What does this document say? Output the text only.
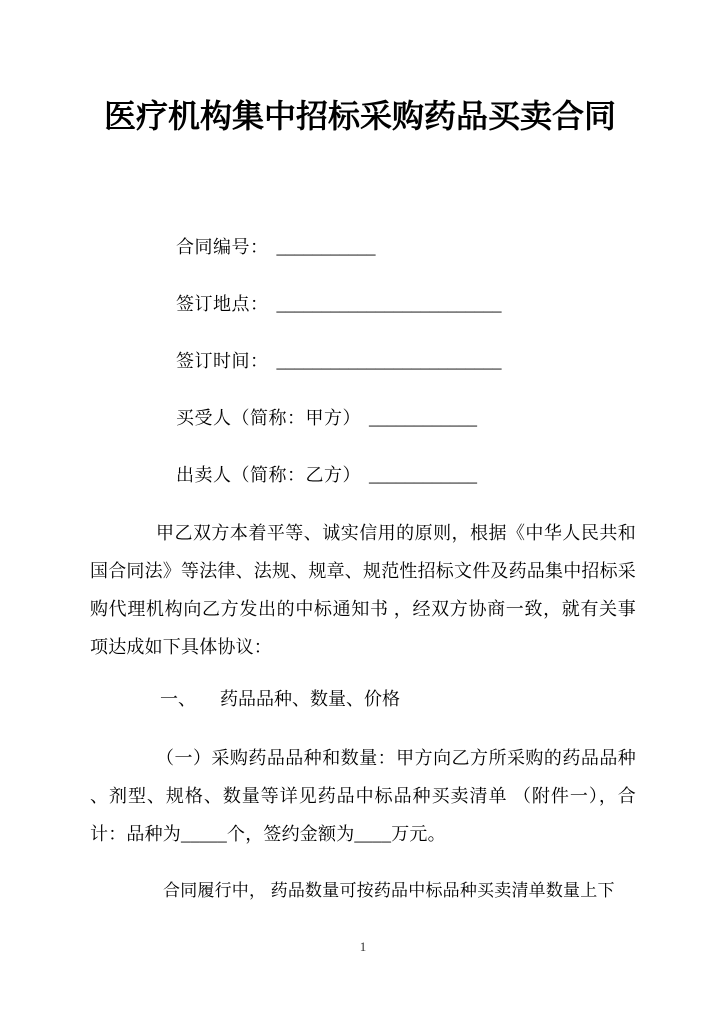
医疗机构集中招标采购药品买卖合同
合同编号： ___________
签订地点： _________________________
签订时间： _________________________
买受人（简称：甲方） ____________
出卖人（简称：乙方） ____________

甲乙双方本着平等、诚实信用的原则，根据《中华人民共和国合同法》等法律、法规、规章、规范性招标文件及药品集中招标采购代理机构向乙方发出的中标通知书 ，经双方协商一致，就有关事项达成如下具体协议：

一、 药品品种、数量、价格

（一）采购药品品种和数量：甲方向乙方所采购的药品品种 、剂型、规格、数量等详见药品中标品种买卖清单 （附件一），合计：品种为_____个，签约金额为____万元。

合同履行中， 药品数量可按药品中标品种买卖清单数量上下

1
